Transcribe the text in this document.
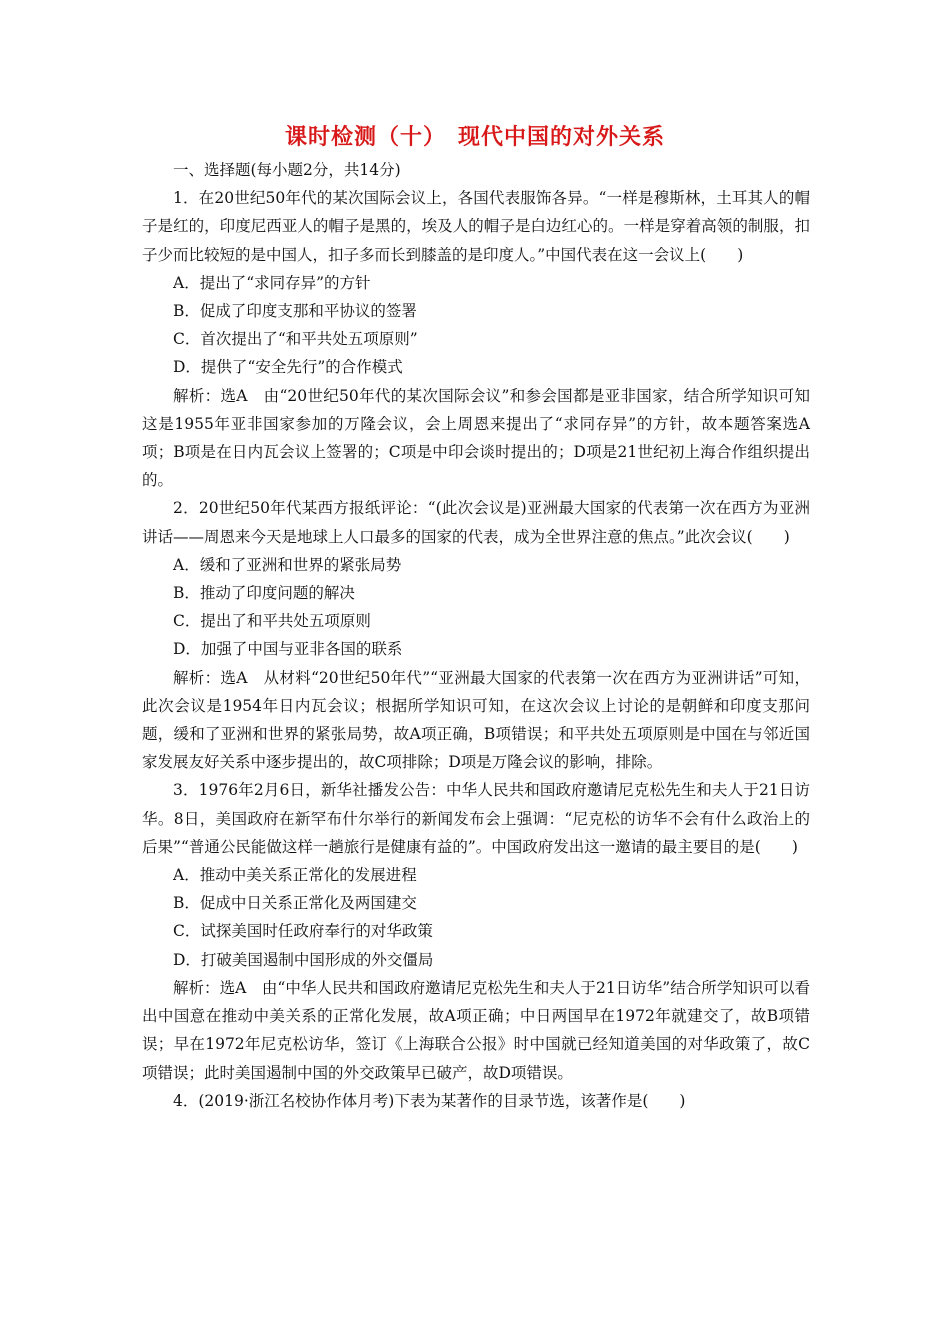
课时检测（十）　现代中国的对外关系

一、选择题(每小题2分，共14分)

1．在20世纪50年代的某次国际会议上，各国代表服饰各异。“一样是穆斯林，土耳其人的帽子是红的，印度尼西亚人的帽子是黑的，埃及人的帽子是白边红心的。一样是穿着高领的制服，扣子少而比较短的是中国人，扣子多而长到膝盖的是印度人。”中国代表在这一会议上(　　)

A．提出了“求同存异”的方针

B．促成了印度支那和平协议的签署

C．首次提出了“和平共处五项原则”

D．提供了“安全先行”的合作模式

解析：选A　由“20世纪50年代的某次国际会议”和参会国都是亚非国家，结合所学知识可知这是1955年亚非国家参加的万隆会议，会上周恩来提出了“求同存异”的方针，故本题答案选A项；B项是在日内瓦会议上签署的；C项是中印会谈时提出的；D项是21世纪初上海合作组织提出的。

2．20世纪50年代某西方报纸评论：“(此次会议是)亚洲最大国家的代表第一次在西方为亚洲讲话——周恩来今天是地球上人口最多的国家的代表，成为全世界注意的焦点。”此次会议(　　)

A．缓和了亚洲和世界的紧张局势

B．推动了印度问题的解决

C．提出了和平共处五项原则

D．加强了中国与亚非各国的联系

解析：选A　从材料“20世纪50年代”“亚洲最大国家的代表第一次在西方为亚洲讲话”可知，此次会议是1954年日内瓦会议；根据所学知识可知，在这次会议上讨论的是朝鲜和印度支那问题，缓和了亚洲和世界的紧张局势，故A项正确，B项错误；和平共处五项原则是中国在与邻近国家发展友好关系中逐步提出的，故C项排除；D项是万隆会议的影响，排除。

3．1976年2月6日，新华社播发公告：中华人民共和国政府邀请尼克松先生和夫人于21日访华。8日，美国政府在新罕布什尔举行的新闻发布会上强调：“尼克松的访华不会有什么政治上的后果”“普通公民能做这样一趟旅行是健康有益的”。中国政府发出这一邀请的最主要目的是(　　)

A．推动中美关系正常化的发展进程

B．促成中日关系正常化及两国建交

C．试探美国时任政府奉行的对华政策

D．打破美国遏制中国形成的外交僵局

解析：选A　由“中华人民共和国政府邀请尼克松先生和夫人于21日访华”结合所学知识可以看出中国意在推动中美关系的正常化发展，故A项正确；中日两国早在1972年就建交了，故B项错误；早在1972年尼克松访华，签订《上海联合公报》时中国就已经知道美国的对华政策了，故C项错误；此时美国遏制中国的外交政策早已破产，故D项错误。

4．(2019·浙江名校协作体月考)下表为某著作的目录节选，该著作是(　　)
